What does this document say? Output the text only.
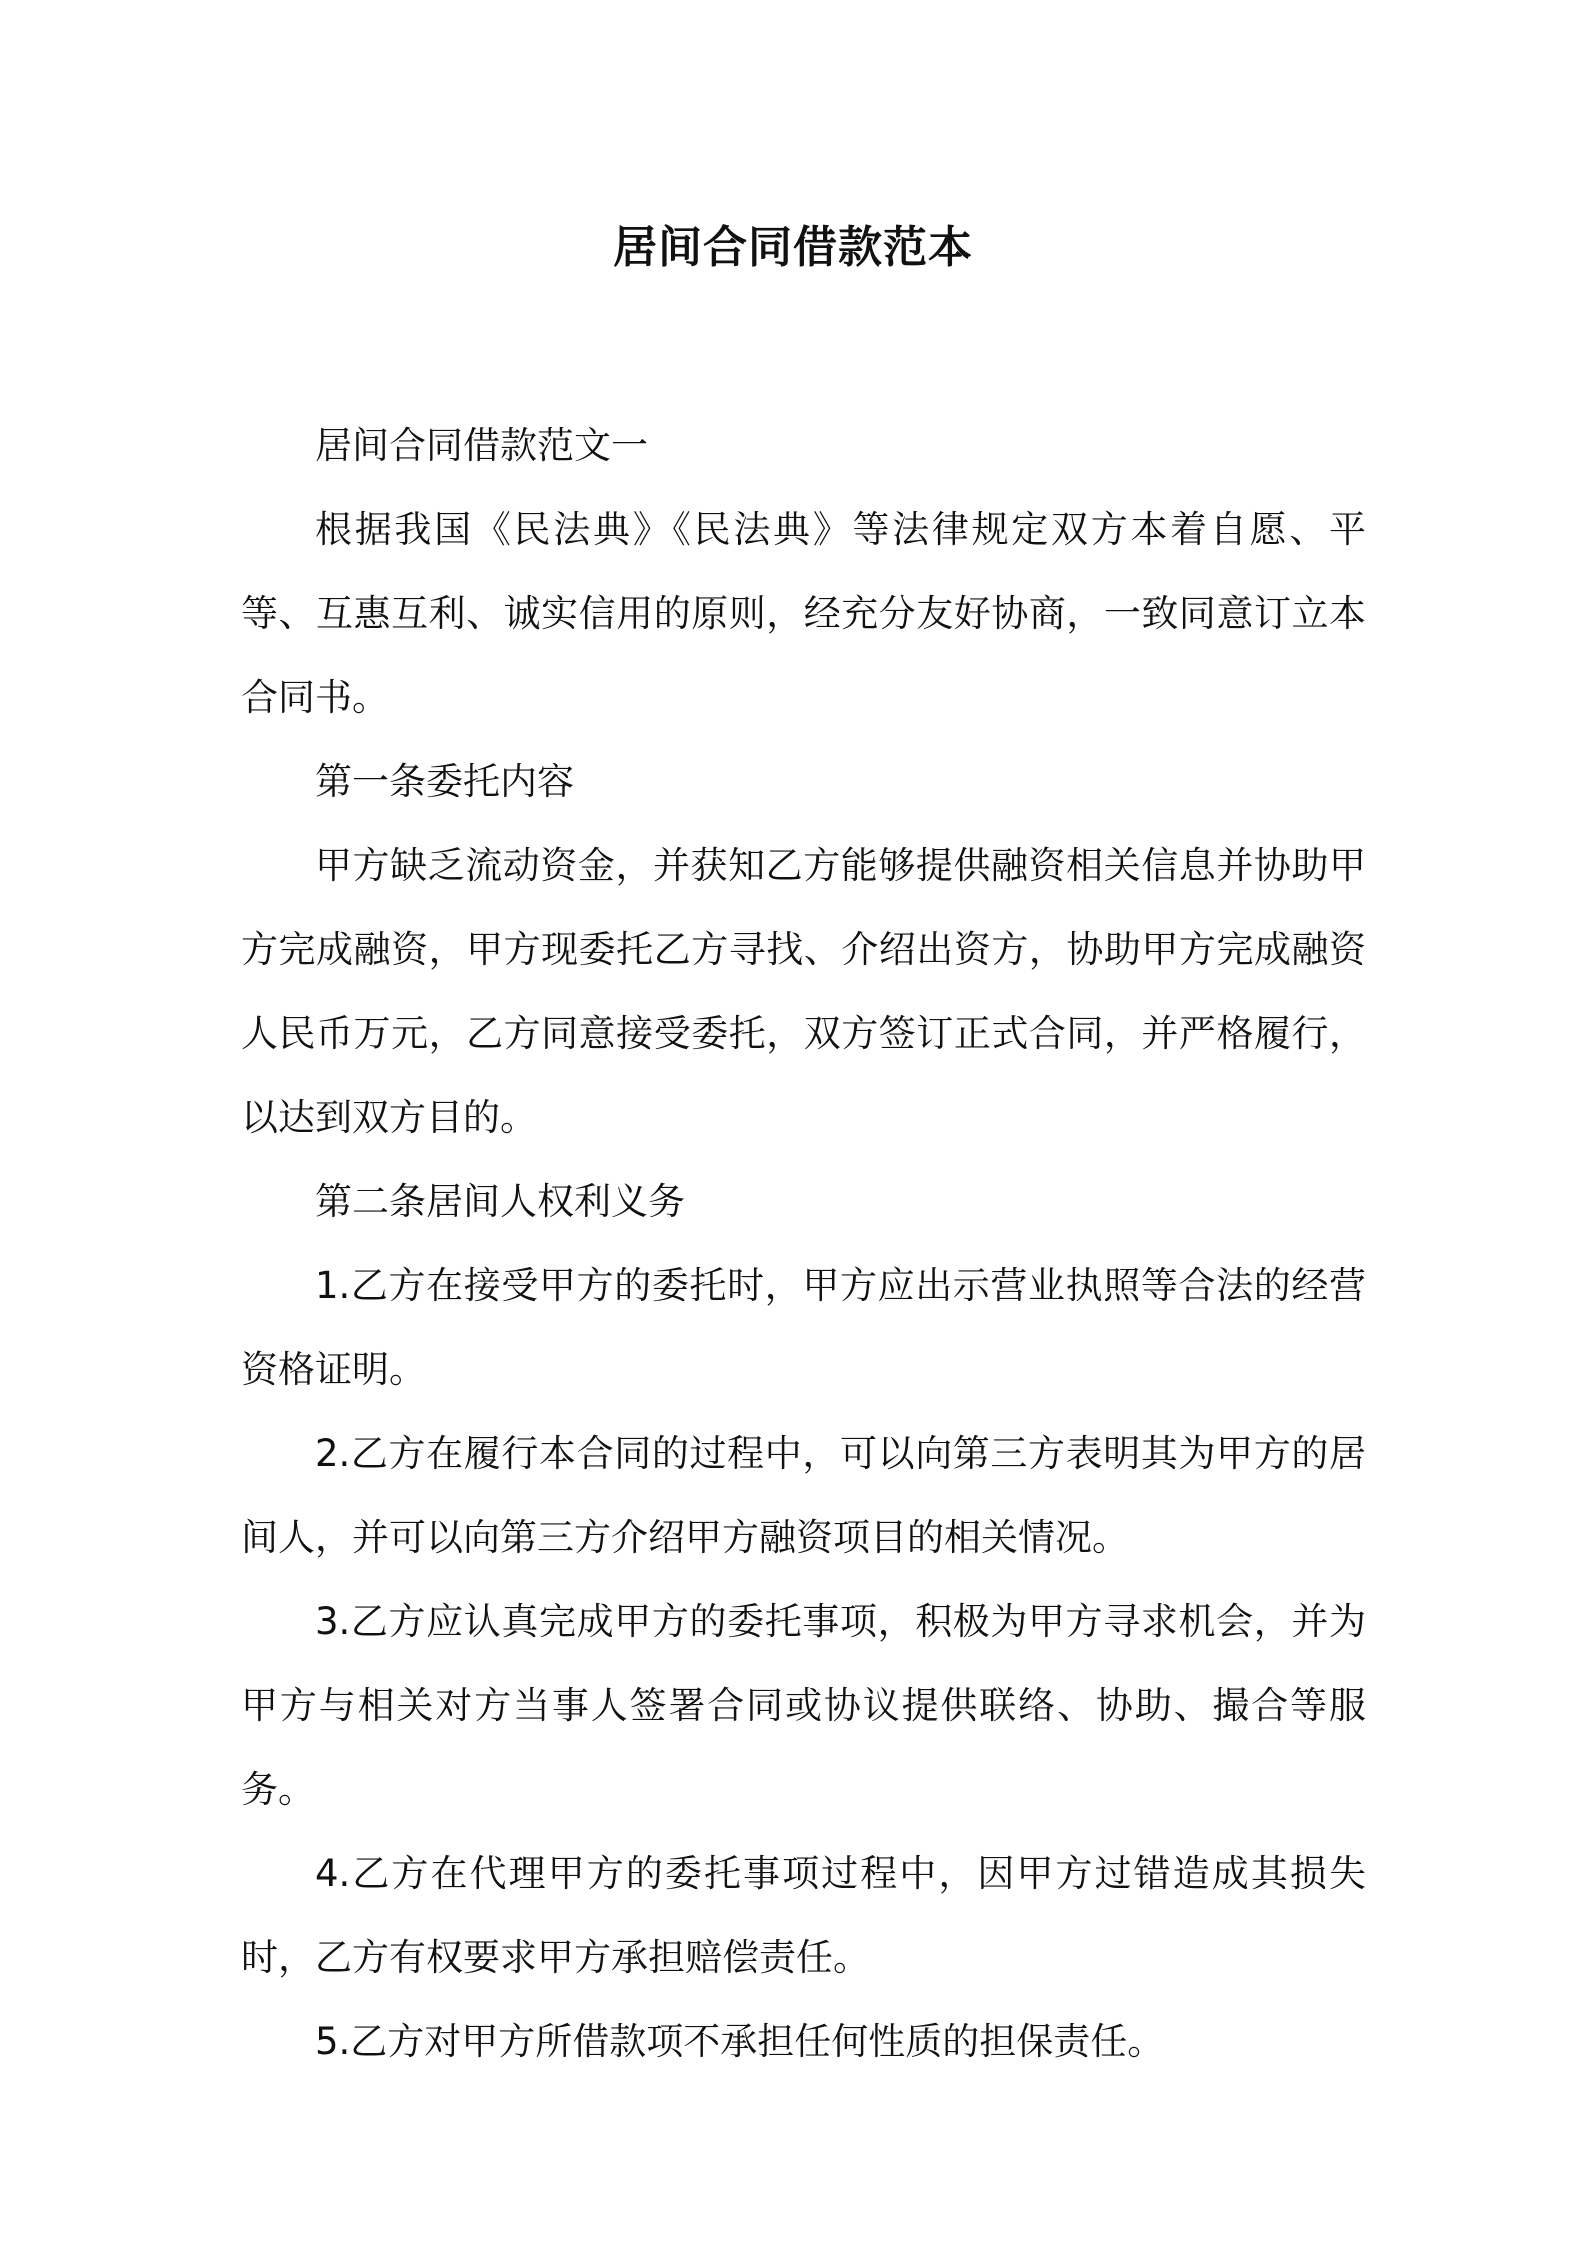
居间合同借款范本

居间合同借款范文一

根据我国《民法典》《民法典》等法律规定双方本着自愿、平等、互惠互利、诚实信用的原则，经充分友好协商，一致同意订立本合同书。

第一条委托内容

甲方缺乏流动资金，并获知乙方能够提供融资相关信息并协助甲方完成融资，甲方现委托乙方寻找、介绍出资方，协助甲方完成融资人民币万元，乙方同意接受委托，双方签订正式合同，并严格履行，以达到双方目的。

第二条居间人权利义务

1.乙方在接受甲方的委托时，甲方应出示营业执照等合法的经营资格证明。

2.乙方在履行本合同的过程中，可以向第三方表明其为甲方的居间人，并可以向第三方介绍甲方融资项目的相关情况。

3.乙方应认真完成甲方的委托事项，积极为甲方寻求机会，并为甲方与相关对方当事人签署合同或协议提供联络、协助、撮合等服务。

4.乙方在代理甲方的委托事项过程中，因甲方过错造成其损失时，乙方有权要求甲方承担赔偿责任。

5.乙方对甲方所借款项不承担任何性质的担保责任。
